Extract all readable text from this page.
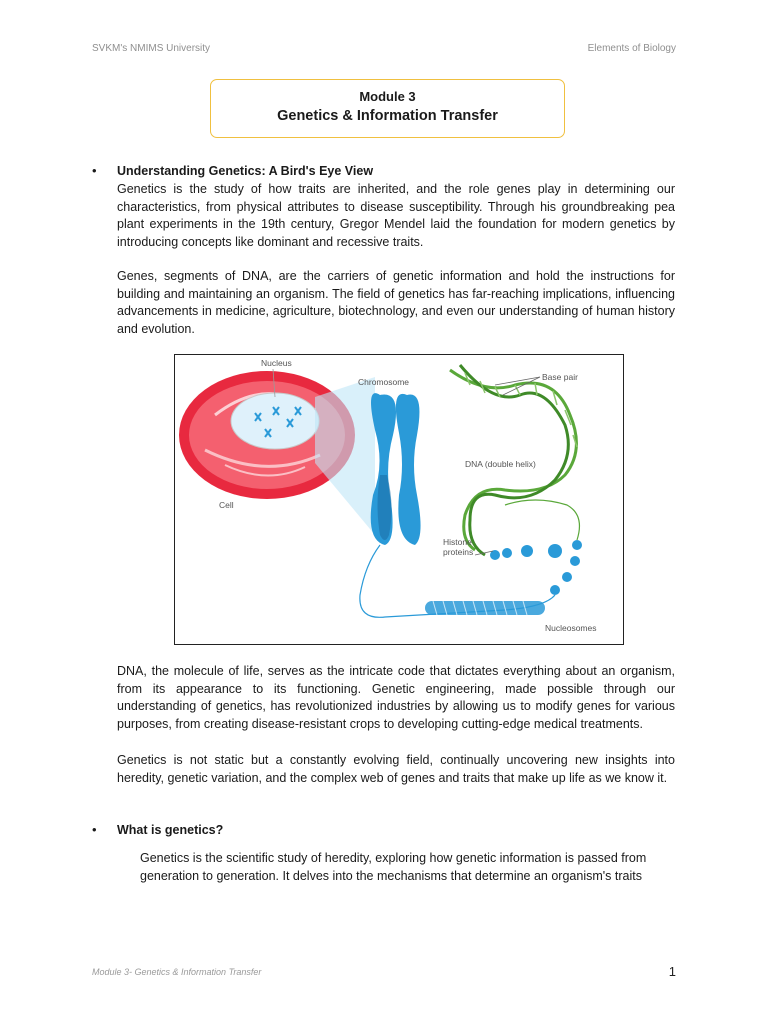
SVKM's NMIMS University	Elements of Biology
Module 3
Genetics & Information Transfer
• Understanding Genetics: A Bird's Eye View

Genetics is the study of how traits are inherited, and the role genes play in determining our characteristics, from physical attributes to disease susceptibility. Through his groundbreaking pea plant experiments in the 19th century, Gregor Mendel laid the foundation for modern genetics by introducing concepts like dominant and recessive traits.

Genes, segments of DNA, are the carriers of genetic information and hold the instructions for building and maintaining an organism. The field of genetics has far-reaching implications, influencing advancements in medicine, agriculture, biotechnology, and even our understanding of human history and evolution.

Nucleus
Chromosome	Base pair
DNA (double helix)
Histone
proteins
Cell
Nucleosomes

DNA, the molecule of life, serves as the intricate code that dictates everything about an organism, from its appearance to its functioning. Genetic engineering, made possible through our understanding of genetics, has revolutionized industries by allowing us to modify genes for various purposes, from creating disease-resistant crops to developing cutting-edge medical treatments.

Genetics is not static but a constantly evolving field, continually uncovering new insights into heredity, genetic variation, and the complex web of genes and traits that make up life as we know it.

• What is genetics?

Genetics is the scientific study of heredity, exploring how genetic information is passed from generation to generation. It delves into the mechanisms that determine an organism's traits

Module 3- Genetics & Information Transfer	1
